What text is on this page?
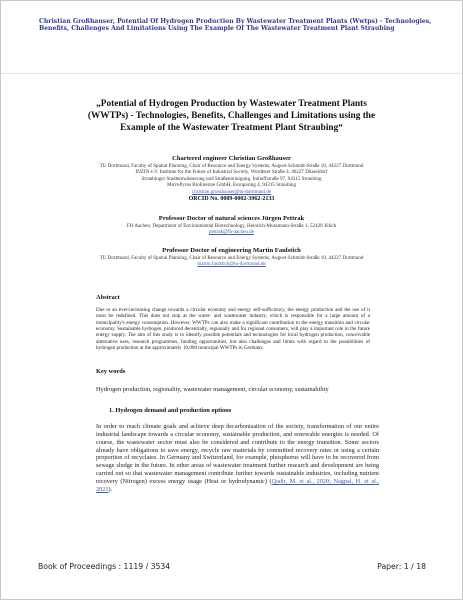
Christian Großhauser, Potential Of Hydrogen Production By Wastewater Treatment Plants (Wwtps) - Technologies, Benefits, Challenges And Limitations Using The Example Of The Wastewater Treatment Plant Straubing
„Potential of Hydrogen Production by Wastewater Treatment Plants (WWTPs) - Technologies, Benefits, Challenges and Limitations using the Example of the Wastewater Treatment Plant Straubing“
Chartered engineer Christian Großhauser
TU Dortmund, Faculty of Spatial Planning, Chair of Resource and Energy Systems, August-Schmidt-Straße 10, 44227 Dortmund
INZIN e.V. Institute for the Future of Industrial Society, Wordener Straße 4, 46227 Düsseldorf
Straubinger Stadtentwässerung und Straßenreinigung, Imhoffstraße 97, 94315 Straubing
MicroPyros BioEnerize GmbH, Europaring 4, 94315 Straubing
christian.grosshauser@tu-dortmund.de
ORCID No. 0009-0002-3962-2133
Professor Doctor of natural sciences Jürgen Pettrak
FH Aachen, Department of Environmental Biotechnology, Heinrich-Mussmann-Straße 1, 52428 Jülich
pettrak@fh-aachen.de
Professor Doctor of engineering Martin Faulstich
TU Dortmund, Faculty of Spatial Planning, Chair of Resource and Energy Systems, August-Schmidt-Straße 10, 44227 Dortmund
martin.faulstich@tu-dortmund.de
Abstract
Due to an ever-increasing change towards a circular economy and energy self-sufficiency, the energy production and the use of it must be redefined. This does not stop at the water- and wastewater industry, which is responsible for a large amount of a municipality's energy consumption. However, WWTPs can also make a significant contribution to the energy transition and circular economy. Sustainable hydrogen, produced decentrally, regionally and for regional consumers, will play a important role in the future energy supply. The aim of this study is to identify possible potentials and technologies for local hydrogen production, conceivable alternative uses, research programmes, funding opportunities, but also challenges and limits with regard to the possibilities of hydrogen production at the approximately 10,000 municipal WWTPs in Germany.
Key words
Hydrogen production, regionality, wastewater management, circular economy, sustainability
1. Hydrogen demand and production options
In order to reach climate goals and achieve deep decarbonisation of the society, transformation of our entire industrial landscape towards a circular economy, sustainable production, and renewable energies is needed. Of course, the wastewater sector must also be considered and contribute to the energy transition. Some sectors already have obligations to save energy, recycle raw materials by committed recovery rates or using a certain proportion of recyclates. In Germany and Switzerland, for example, phosphorus will have to be recovered from sewage sludge in the future. In other areas of wastewater treatment further research and development are being carried out so that wastewater management contribute further towards sustainable industries, including nutrient recovery (Nitrogen) excess energy usage (Heat or hydrodynamic) (Qadir, M. et al., 2020; Nagpal, H. et al., 2021).
Book of Proceedings : 1119 / 3534	Paper: 1 / 18
